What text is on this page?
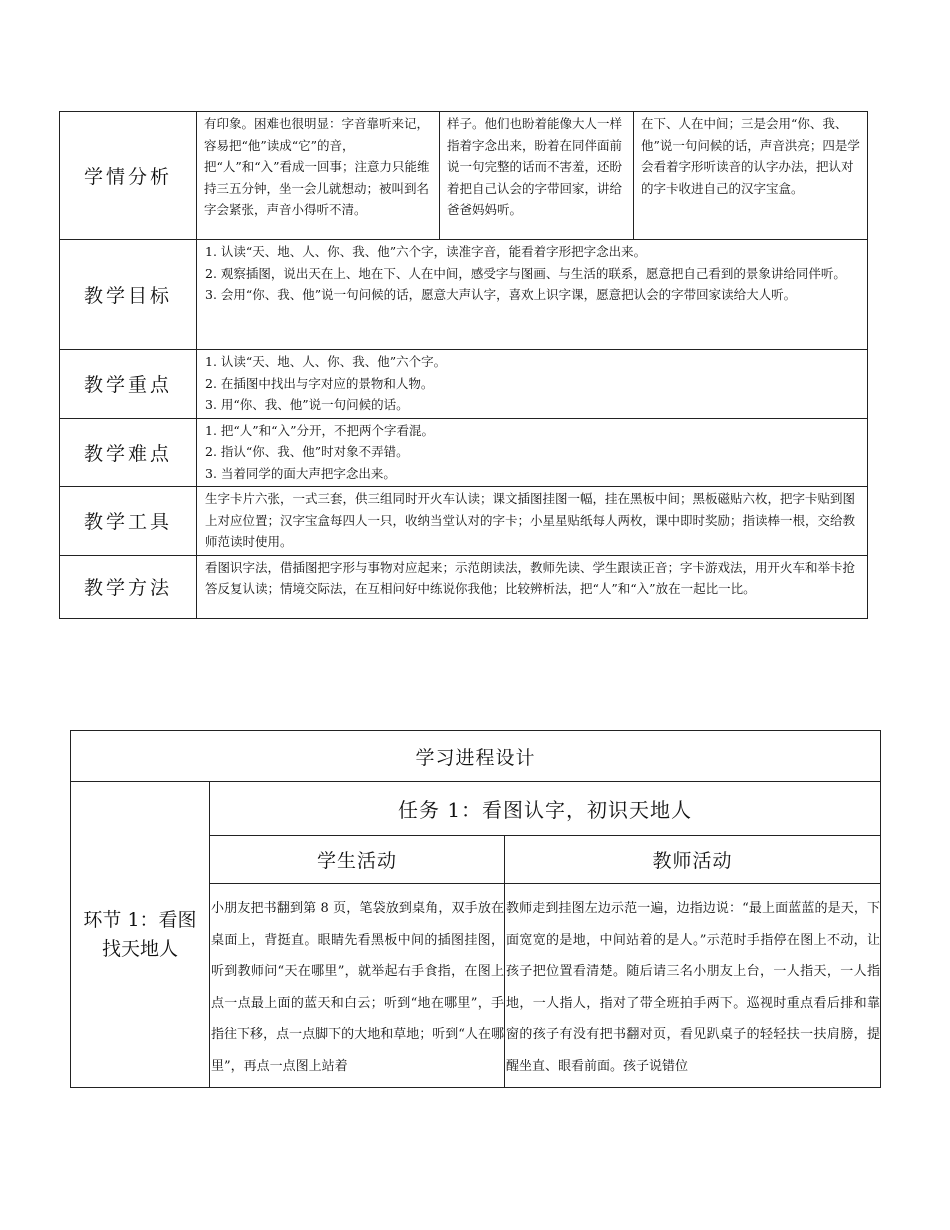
学情分析	有印象。困难也很明显：字音靠听来记，容易把“他”读成“它”的音，把“人”和“入”看成一回事；注意力只能维持三五分钟，坐一会儿就想动；被叫到名字会紧张，声音小得听不清。	样子。他们也盼着能像大人一样指着字念出来，盼着在同伴面前说一句完整的话而不害羞，还盼着把自己认会的字带回家，讲给爸爸妈妈听。	在下、人在中间；三是会用“你、我、他”说一句问候的话，声音洪亮；四是学会看着字形听读音的认字办法，把认对的字卡收进自己的汉字宝盒。
教学目标	1. 认读“天、地、人、你、我、他”六个字，读准字音，能看着字形把字念出来。
2. 观察插图，说出天在上、地在下、人在中间，感受字与图画、与生活的联系，愿意把自己看到的景象讲给同伴听。
3. 会用“你、我、他”说一句问候的话，愿意大声认字，喜欢上识字课，愿意把认会的字带回家读给大人听。		

教学重点	1. 认读“天、地、人、你、我、他”六个字。
2. 在插图中找出与字对应的景物和人物。
3. 用“你、我、他”说一句问候的话。		

教学难点	1. 把“人”和“入”分开，不把两个字看混。
2. 指认“你、我、他”时对象不弄错。
3. 当着同学的面大声把字念出来。		

教学工具	生字卡片六张，一式三套，供三组同时开火车认读；课文插图挂图一幅，挂在黑板中间；黑板磁贴六枚，把字卡贴到图上对应位置；汉字宝盒每四人一只，收纳当堂认对的字卡；小星星贴纸每人两枚，课中即时奖励；指读棒一根，交给教师范读时使用。		
教学方法	看图识字法，借插图把字形与事物对应起来；示范朗读法，教师先读、学生跟读正音；字卡游戏法，用开火车和举卡抢答反复认读；情境交际法，在互相问好中练说你我他；比较辨析法，把“人”和“入”放在一起比一比。		
学习进程设计		
环节 1：看图找天地人	任务 1：看图认字，初识天地人	
	学生活动	教师活动

	小朋友把书翻到第 8 页，笔袋放到桌角，双手放在桌面上，背挺直。眼睛先看黑板中间的插图挂图，听到教师问“天在哪里”，就举起右手食指，在图上点一点最上面的蓝天和白云；听到“地在哪里”，手指往下移，点一点脚下的大地和草地；听到“人在哪里”，再点一点图上站着	教师走到挂图左边示范一遍，边指边说：“最上面蓝蓝的是天，下面宽宽的是地，中间站着的是人。”示范时手指停在图上不动，让孩子把位置看清楚。随后请三名小朋友上台，一人指天，一人指地，一人指人，指对了带全班拍手两下。巡视时重点看后排和靠窗的孩子有没有把书翻对页，看见趴桌子的轻轻扶一扶肩膀，提醒坐直、眼看前面。孩子说错位
